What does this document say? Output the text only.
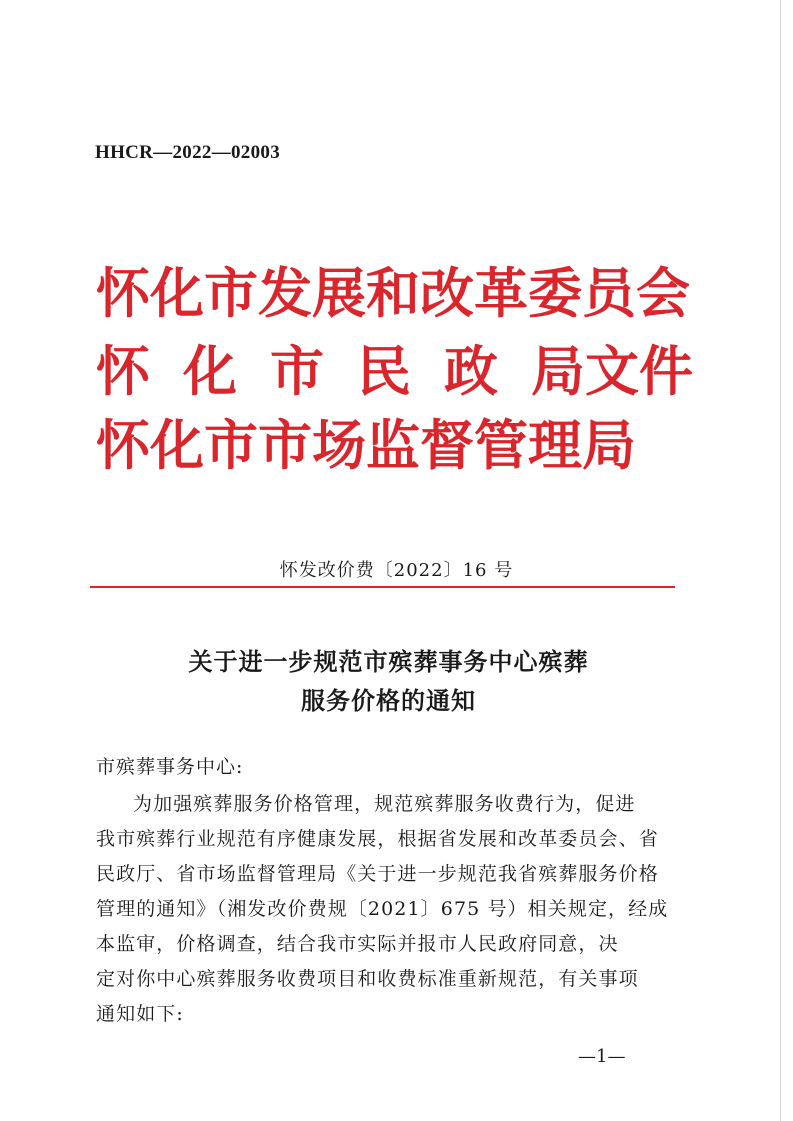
HHCR—2022—02003
怀化市发展和改革委员会
怀 化 市 民 政 局文件
怀化市市场监督管理局
怀发改价费〔2022〕16 号
关于进一步规范市殡葬事务中心殡葬
服务价格的通知
市殡葬事务中心:
为加强殡葬服务价格管理，规范殡葬服务收费行为，促进
我市殡葬行业规范有序健康发展，根据省发展和改革委员会、省
民政厅、省市场监督管理局《关于进一步规范我省殡葬服务价格
管理的通知》（湘发改价费规〔2021〕675 号）相关规定，经成
本监审，价格调查，结合我市实际并报市人民政府同意，决
定对你中心殡葬服务收费项目和收费标准重新规范，有关事项
通知如下:
—1—
